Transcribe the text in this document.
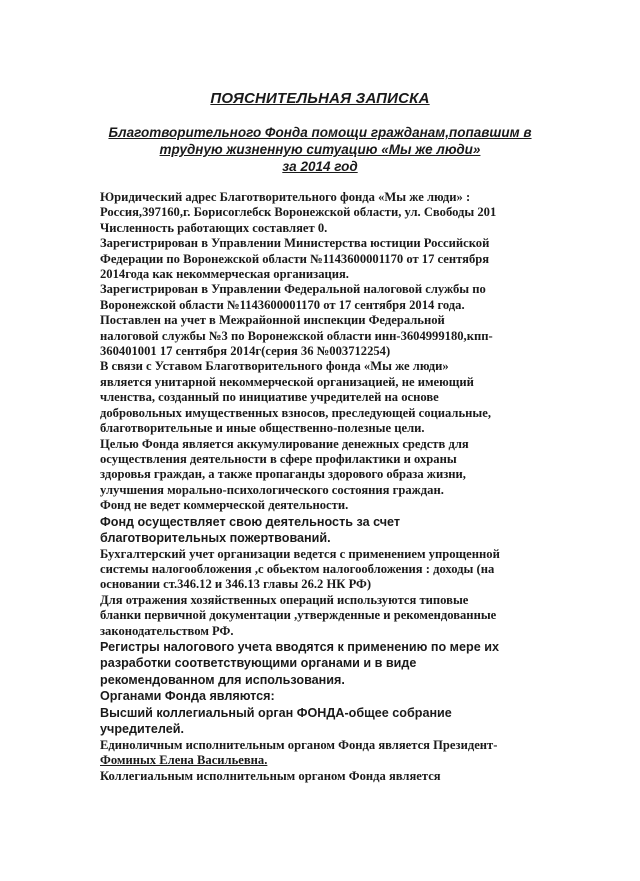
ПОЯСНИТЕЛЬНАЯ ЗАПИСКА
Благотворительного Фонда помощи гражданам,попавшим в
трудную жизненную ситуацию «Мы же люди»
за 2014 год
Юридический адрес Благотворительного фонда «Мы же люди» :
Россия,397160,г. Борисоглебск Воронежской области, ул. Свободы 201
Численность работающих составляет 0.
Зарегистрирован в Управлении Министерства юстиции Российской
Федерации по Воронежской области №1143600001170 от 17 сентября
2014года как некоммерческая организация.
Зарегистрирован в Управлении Федеральной налоговой службы по
Воронежской области №1143600001170 от 17 сентября 2014 года.
Поставлен на учет в Межрайонной инспекции Федеральной
налоговой службы №3 по Воронежской области инн-3604999180,кпп-
360401001 17 сентября 2014г(серия 36 №003712254)
В связи с Уставом Благотворительного фонда «Мы же люди»
является унитарной некоммерческой организацией, не имеющий
членства, созданный по инициативе учредителей на основе
добровольных имущественных взносов, преследующей социальные,
благотворительные и иные общественно-полезные цели.
Целью Фонда является аккумулирование денежных средств для
осуществления деятельности в сфере профилактики и охраны
здоровья граждан, а также пропаганды здорового образа жизни,
улучшения морально-психологического состояния граждан.
Фонд не ведет коммерческой деятельности.
Фонд осуществляет свою деятельность за счет
благотворительных пожертвований.
Бухгалтерский учет организации ведется с применением упрощенной
системы налогообложения ,с обьектом налогообложения : доходы (на
основании ст.346.12 и 346.13 главы 26.2 НК РФ)
Для отражения хозяйственных операций используются типовые
бланки первичной документации ,утвержденные и рекомендованные
законодательством РФ.
Регистры налогового учета вводятся к применению по мере их
разработки соответствующими органами и в виде
рекомендованном для использования.
Органами Фонда являются:
Высший коллегиальный орган ФОНДА-общее собрание
учредителей.
Единоличным исполнительным органом Фонда является Президент-
Фоминых Елена Васильевна.
Коллегиальным исполнительным органом Фонда является
